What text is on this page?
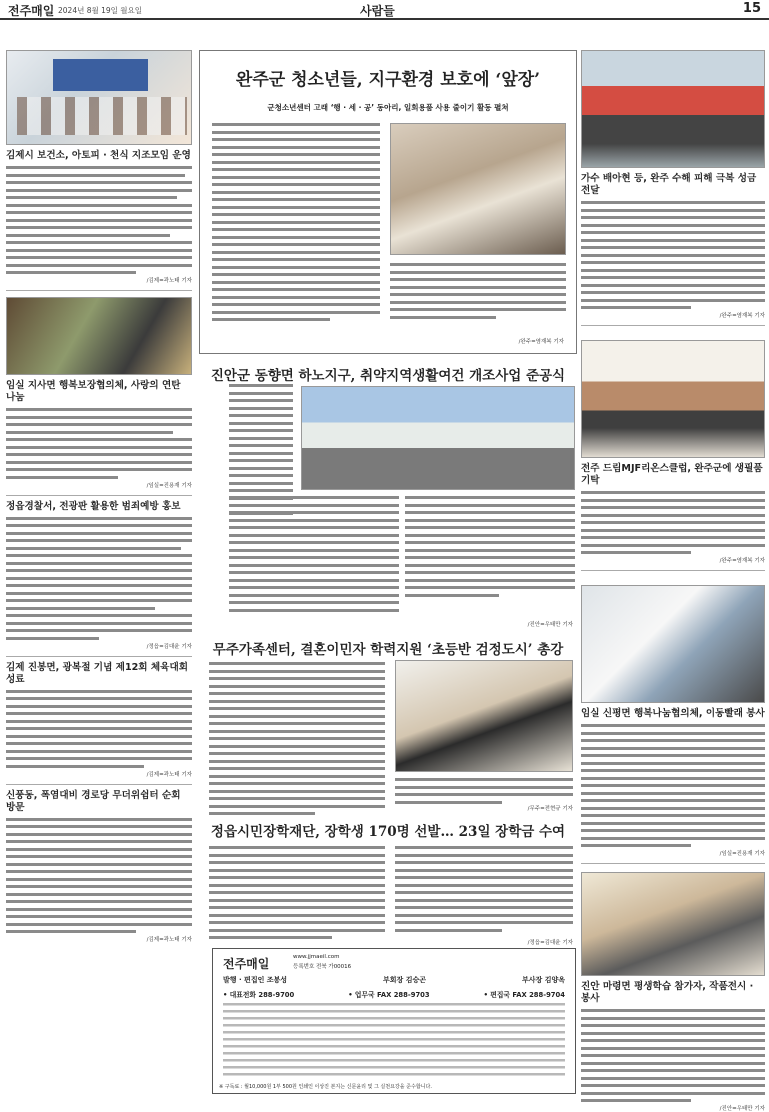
전주매일 2024년 8월 19일 월요일	사람들	15
김제시 보건소, 아토피 · 천식 지조모임 운영
/김제=곽노태 기자
임실 지사면 행복보장협의체, 사랑의 연탄 나눔
/임실=진용재 기자
정읍경찰서, 전광판 활용한 범죄예방 홍보
/정읍=김대윤 기자
김제 진봉면, 광복절 기념 제12회 체육대회 성료
/김제=곽노태 기자
신풍동, 폭염대비 경로당 무더위쉼터 순회 방문
/김제=곽노태 기자
완주군 청소년들, 지구환경 보호에 ‘앞장’
군청소년센터 고래 ‘행 · 세 · 공’ 동아리, 일회용품 사용 줄이기 활동 펼쳐
/완주=염재복 기자
진안군 동향면 하노지구, 취약지역생활여건 개조사업 준공식
/진안=우태만 기자
무주가족센터, 결혼이민자 학력지원 ‘초등반 검정도시’ 총강
/무주=전현규 기자
정읍시민장학재단, 장학생 170명 선발… 23일 장학금 수여
/정읍=김대윤 기자
전주매일	www.jjmaeil.com
등록번호 전북 가00016
발행 · 편집인 조봉성	부회장 김승곤	부사장 김양옥
• 대표전화 288-9700	• 업무국 FAX 288-9703	• 편집국 FAX 288-9704
※ 구독료 : 월10,000원 1부 500원 인쇄인 이상진 본지는 신문윤리 및 그 실천요강을 준수합니다.
가수 배아현 등, 완주 수해 피해 극복 성금 전달
/완주=염재복 기자
전주 드림MJF리온스클럽, 완주군에 생필품 기탁
/완주=염재복 기자
임실 신평면 행복나눔협의체, 이동빨래 봉사
/임실=진용재 기자
진안 마령면 평생학습 참가자, 작품전시 · 봉사
/진안=우태만 기자
